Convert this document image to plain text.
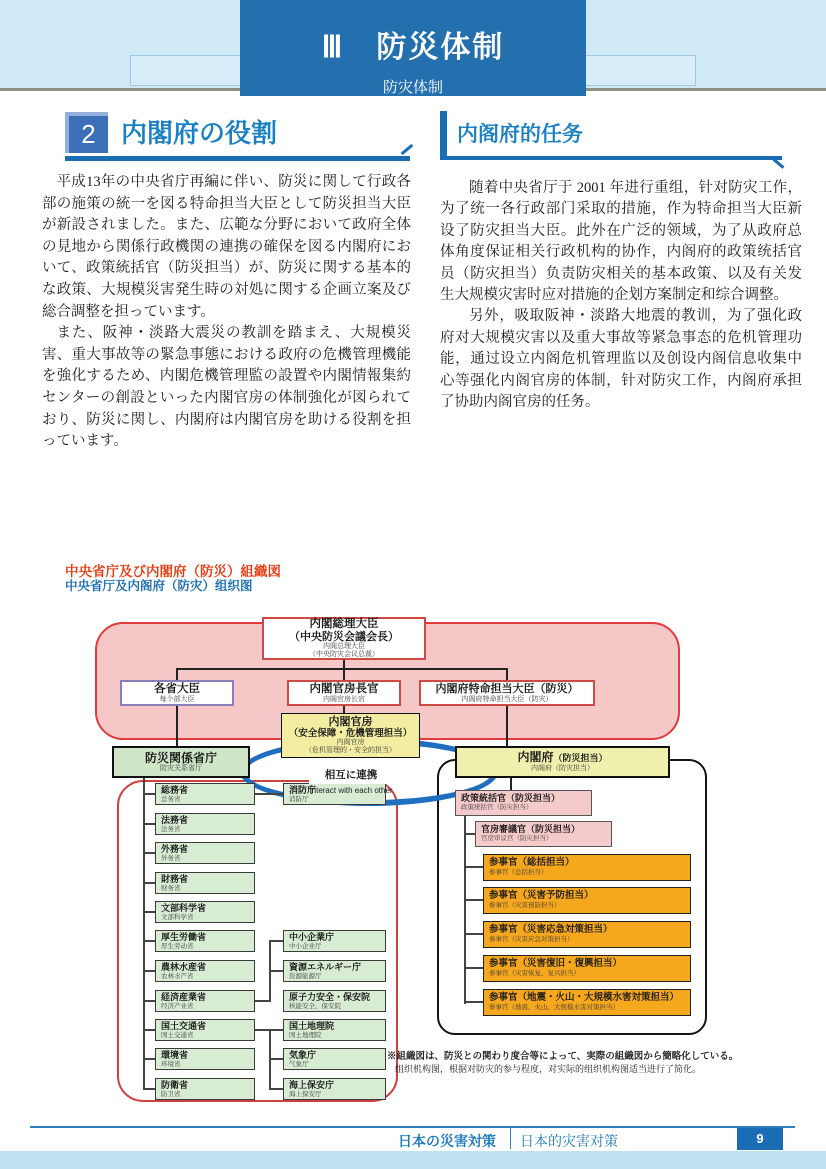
Ⅲ　 防災体制
防灾体制
2 内閣府の役割

平成13年の中央省庁再編に伴い、防災に関して行政各部の施策の統一を図る特命担当大臣として防災担当大臣が新設されました。また、広範な分野において政府全体の見地から関係行政機関の連携の確保を図る内閣府において、政策統括官（防災担当）が、防災に関する基本的な政策、大規模災害発生時の対処に関する企画立案及び総合調整を担っています。

また、阪神・淡路大震災の教訓を踏まえ、大規模災害、重大事故等の緊急事態における政府の危機管理機能を強化するため、内閣危機管理監の設置や内閣情報集約センターの創設といった内閣官房の体制強化が図られており、防災に関し、内閣府は内閣官房を助ける役割を担っています。

内阁府的任务

随着中央省厅于 2001 年进行重组，针对防灾工作，为了统一各行政部门采取的措施，作为特命担当大臣新设了防灾担当大臣。此外在广泛的领域，为了从政府总体角度保证相关行政机构的协作，内阁府的政策统括官员（防灾担当）负责防灾相关的基本政策、以及有关发生大规模灾害时应对措施的企划方案制定和综合调整。

另外，吸取阪神・淡路大地震的教训，为了强化政府对大规模灾害以及重大事故等紧急事态的危机管理功能，通过设立内阁危机管理监以及创设内阁信息收集中心等强化内阁官房的体制，针对防灾工作，内阁府承担了协助内阁官房的任务。

中央省庁及び内閣府（防災）組織図
中央省厅及内阁府（防灾）组织图
内閣総理大臣
（中央防災会議会長）
内阁总理大臣
（中央防灾会议总裁）
各省大臣
每个部大臣
内閣官房長官
内阁官房长官
内閣府特命担当大臣（防災）
内阁府特命担当大臣（防灾）
内閣官房
（安全保障・危機管理担当）
内阁官房
（危机管理的・安全的担当）
防災関係省庁
防灾关系省厅
内閣府（防災担当）
内阁府（防灾担当）
相互に連携
Interact with each other
総務省
总务省
法務省
法务省
外務省
外务省
財務省
财务省
文部科学省
文部科学省
厚生労働省
厚生劳动省
農林水産省
农林水产省
経済産業省
经济产业省
国土交通省
国土交通省
環境省
环境省
防衛省
防卫省
消防庁
消防厅
中小企業庁
中小企业厅
資源エネルギー庁
资源能源厅
原子力安全・保安院
核能安全、保安院
国土地理院
国土地理院
気象庁
气象厅
海上保安庁
海上保安厅
政策統括官（防災担当）
政策统括官（防灾担当）
官房審議官（防災担当）
官房审议官（防灾担当）
参事官（総括担当）
参事官（总括担当）
参事官（災害予防担当）
参事官（灾害预防担当）
参事官（災害応急対策担当）
参事官（灾害应急对策担当）
参事官（災害復旧・復興担当）
参事官（灾害恢复、复兴担当）
参事官（地震・火山・大規模水害対策担当）
参事官（地震、火山、大规模水害对策担当）
※組織図は、防災との関わり度合等によって、実際の組織図から簡略化している。
组织机构图，根据对防灾的参与程度，对实际的组织机构图适当进行了简化。
日本の災害対策 日本的灾害对策	9
